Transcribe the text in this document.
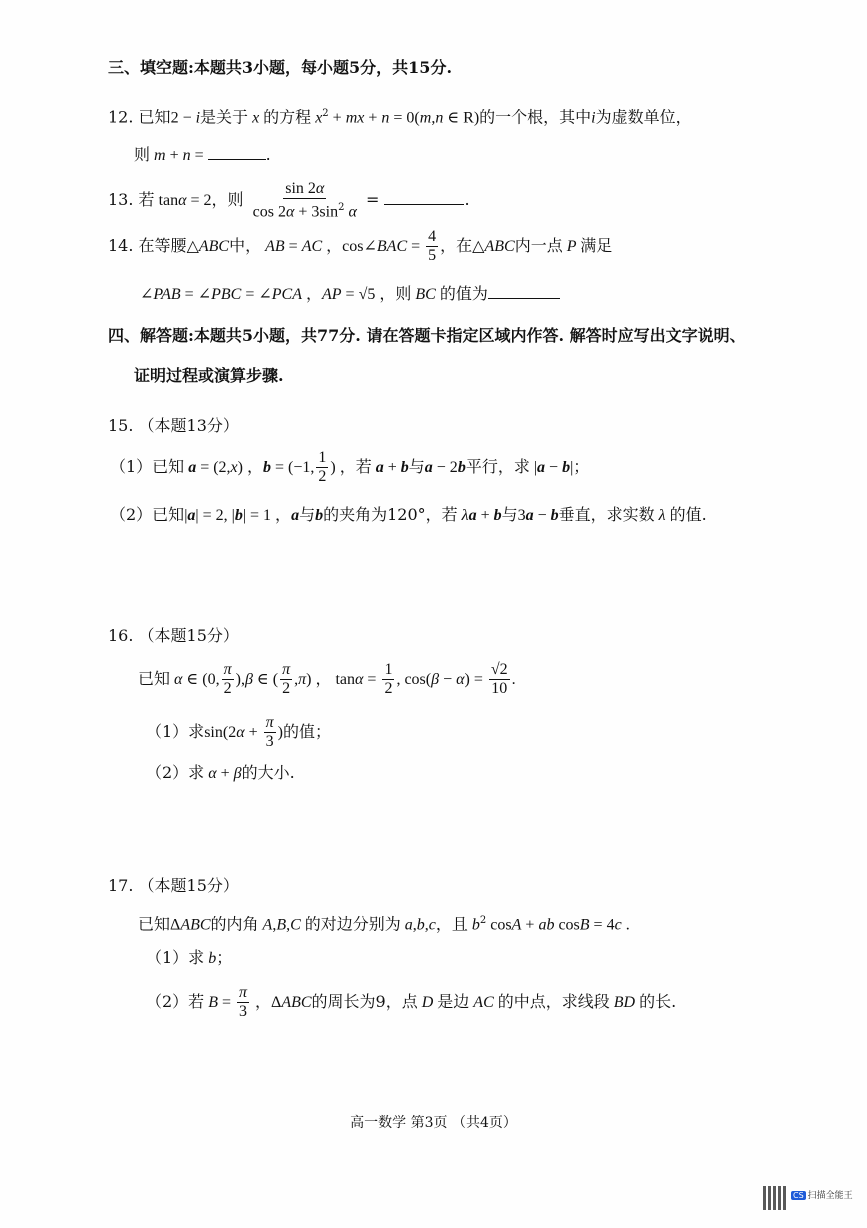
三、填空题:本题共3小题，每小题5分，共15分.
12. 已知2 − i是关于 x 的方程 $x^2$ + mx + n = 0(m,n ∈ R)的一个根，其中i为虚数单位，
则 m + n =	.
13. 若 tanα = 2，则 $\frac{\sin 2\alpha}{\cos 2\alpha + 3\sin^2 \alpha}$ =	.
14. 在等腰△ABC中， AB = AC ，cos∠BAC = $\frac{4}{5}$ ，在△ABC内一点 P 满足
∠PAB = ∠PBC = ∠PCA ，AP = √5 ，则 BC 的值为
四、解答题:本题共5小题，共77分. 请在答题卡指定区域内作答. 解答时应写出文字说明、
证明过程或演算步骤.
15. （本题13分）
（1）已知 a = (2,x) ，b = (−1, $\frac{1}{2}$ ) ，若 a + b与a − 2b平行，求 |a − b|；
（2）已知|a| = 2, |b| = 1 ，a与b的夹角为120°，若 λa + b与3a − b垂直，求实数 λ 的值.
16. （本题15分）
已知 α ∈ (0, $\frac{\pi}{2} ),\beta$ ∈ ( $\frac{\pi}{2} ,\pi$) ， $\tan\alpha = \frac{1}{2}$ , $\cos(\beta - \alpha) = \frac{√2}{10}$ .
（1）求$\sin(2\alpha + \frac{\pi}{3}$ )的值；
（2）求 α + β的大小.
17. （本题15分）
已知ΔABC的内角 A,B,C 的对边分别为 a,b,c，且 $b^2$ cosA + ab cosB = 4c .
（1）求 b；
（2）若 $B = \frac{\pi}{3}$ ，ΔABC的周长为9，点 D 是边 AC 的中点，求线段 BD 的长.
高一数学 第3页 （共4页）
CS 扫描全能王
